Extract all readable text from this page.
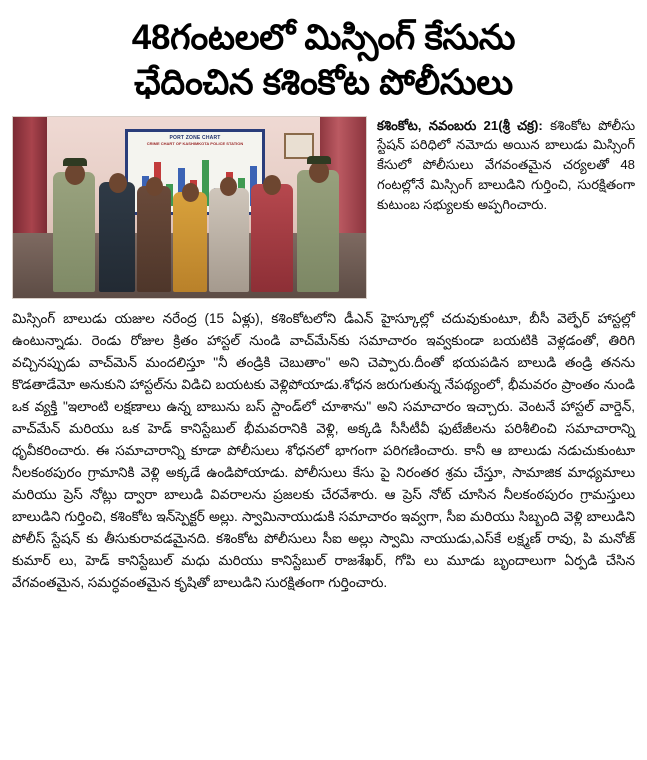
48గంటలలో మిస్సింగ్ కేసును
ఛేదించిన కశింకోట పోలీసులు
PORT ZONE CHART
CRIME CHART OF KASHIMKOTA POLICE STATION
కశింకోట, నవంబరు 21(శ్రీ చక్ర): కశింకోట పోలీసు స్టేషన్ పరిధిలో నమోదు అయిన బాలుడు మిస్సింగ్ కేసులో పోలీసులు వేగవంతమైన చర్యలతో 48 గంటల్లోనే మిస్సింగ్ బాలుడిని గుర్తించి, సురక్షితంగా కుటుంబ సభ్యులకు అప్పగించారు.

మిస్సింగ్ బాలుడు యజుల నరేంద్ర (15 ఏళ్లు), కశింకోటలోని డీఎన్ హైస్కూల్లో చదువుకుంటూ, బీసీ వెల్ఫేర్ హాస్టల్లో ఉంటున్నాడు. రెండు రోజుల క్రితం హాస్టల్ నుండి వాచ్‌మేన్‌కు సమాచారం ఇవ్వకుండా బయటికి వెళ్లడంతో, తిరిగి వచ్చినప్పుడు వాచ్‌మెన్ మందలిస్తూ "నీ తండ్రికి చెబుతాం" అని చెప్పారు.దీంతో భయపడిన బాలుడి తండ్రి తనను కొడతాడేమో అనుకుని హాస్టల్‌ను విడిచి బయటకు వెళ్లిపోయాడు.శోధన జరుగుతున్న నేపథ్యంలో, భీమవరం ప్రాంతం నుండి ఒక వ్యక్తి "ఇలాంటి లక్షణాలు ఉన్న బాబును బస్ స్టాండ్‌లో చూశాను" అని సమాచారం ఇచ్చారు. వెంటనే హాస్టల్ వార్డెన్, వాచ్‌మేన్ మరియు ఒక హెడ్ కానిస్టేబుల్ భీమవరానికి వెళ్లి, అక్కడి సీసీటీవీ ఫుటేజీలను పరిశీలించి సమాచారాన్ని ధృవీకరించారు. ఈ సమాచారాన్ని కూడా పోలీసులు శోధనలో భాగంగా పరిగణించారు. కానీ ఆ బాలుడు నడుచుకుంటూ నీలకంఠపురం గ్రామానికి వెళ్లి అక్కడే ఉండిపోయాడు. పోలీసులు కేసు పై నిరంతర శ్రమ చేస్తూ, సామాజిక మాధ్యమాలు మరియు ప్రెస్ నోట్లు ద్వారా బాలుడి వివరాలను ప్రజలకు చేరవేశారు. ఆ ప్రెస్ నోట్ చూసిన నీలకంఠపురం గ్రామస్తులు బాలుడిని గుర్తించి, కశింకోట ఇన్‌స్పెక్టర్ అల్లు. స్వామినాయుడుకి సమాచారం ఇవ్వగా, సీఐ మరియు సిబ్బంది వెళ్లి బాలుడిని పోలీస్ స్టేషన్ కు తీసుకురావడమైనది. కశింకోట పోలీసులు సీఐ అల్లు స్వామి నాయుడు,ఎస్‌కే లక్ష్మణ్ రావు, పి మనోజ్ కుమార్ లు, హెడ్ కానిస్టేబుల్ మధు మరియు కానిస్టేబుల్ రాజశేఖర్, గోపి లు మూడు బృందాలుగా ఏర్పడి చేసిన వేగవంతమైన, సమర్ధవంతమైన కృషితో బాలుడిని సురక్షితంగా గుర్తించారు.
